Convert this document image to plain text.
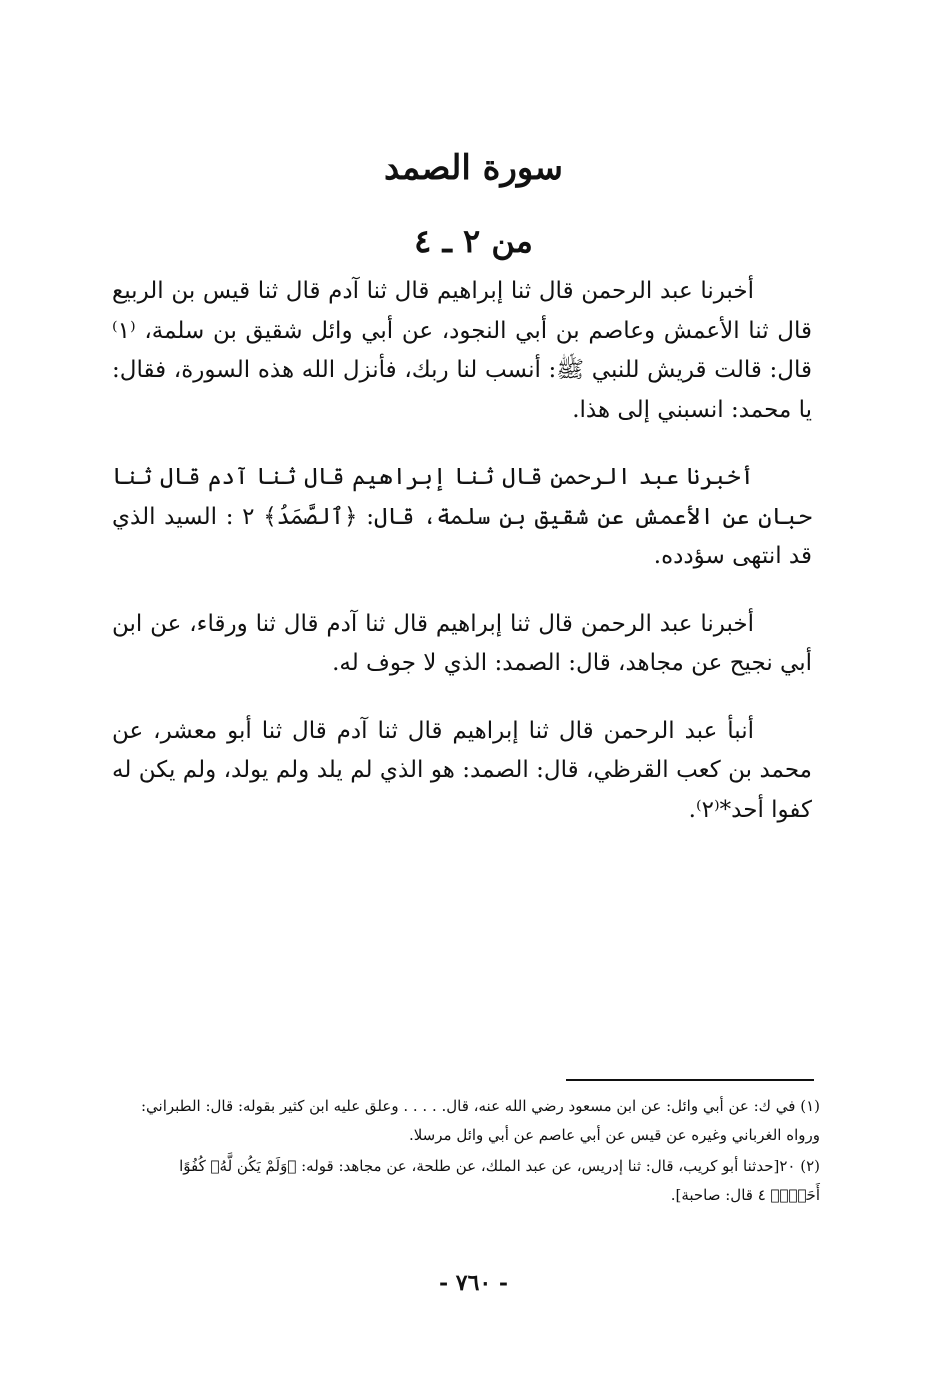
سورة الصمد
من ٢ ـ ٤

أخبرنا عبد الرحمن قال ثنا إبراهيم قال ثنا آدم قال ثنا قيس بن الربيع قال ثنا الأعمش وعاصم بن أبي النجود، عن أبي وائل شقيق بن سلمة، ⁽١⁾قال: قالت قريش للنبي ﷺ: أنسب لنا ربك، فأنزل الله هذه السورة، فقال: يا محمد: انسبني إلى هذا.

أخبرنا عبد الرحمن قال ثنا إبراهيم قال ثنا آدم قال ثنا حبان عن الأعمش عن شقيق بن سلمة، قال: ﴿ٱلصَّمَدُ﴾ ٢ : السيد الذي قد انتهى سؤدده.

أخبرنا عبد الرحمن قال ثنا إبراهيم قال ثنا آدم قال ثنا ورقاء، عن ابن أبي نجيح عن مجاهد، قال: الصمد: الذي لا جوف له.

أنبأ عبد الرحمن قال ثنا إبراهيم قال ثنا آدم قال ثنا أبو معشر، عن محمد بن كعب القرظي، قال: الصمد: هو الذي لم يلد ولم يولد، ولم يكن له كفوا أحد*⁽٢⁾.

(١) في ك: عن أبي وائل: عن ابن مسعود رضي الله عنه، قال. . . . . وعلق عليه ابن كثير بقوله: قال: الطبراني: ورواه الغرباني وغيره عن قيس عن أبي عاصم عن أبي وائل مرسلا.

(٢) ٢٠[حدثنا أبو كريب، قال: ثنا إدريس، عن عبد الملك، عن طلحة، عن مجاهد: قوله: ﴿وَلَمْ يَكُن لَّهُۥ كُفُوًا أَحَدٌۢ﴾ ٤ قال: صاحبة].

- ٧٦٠ -
